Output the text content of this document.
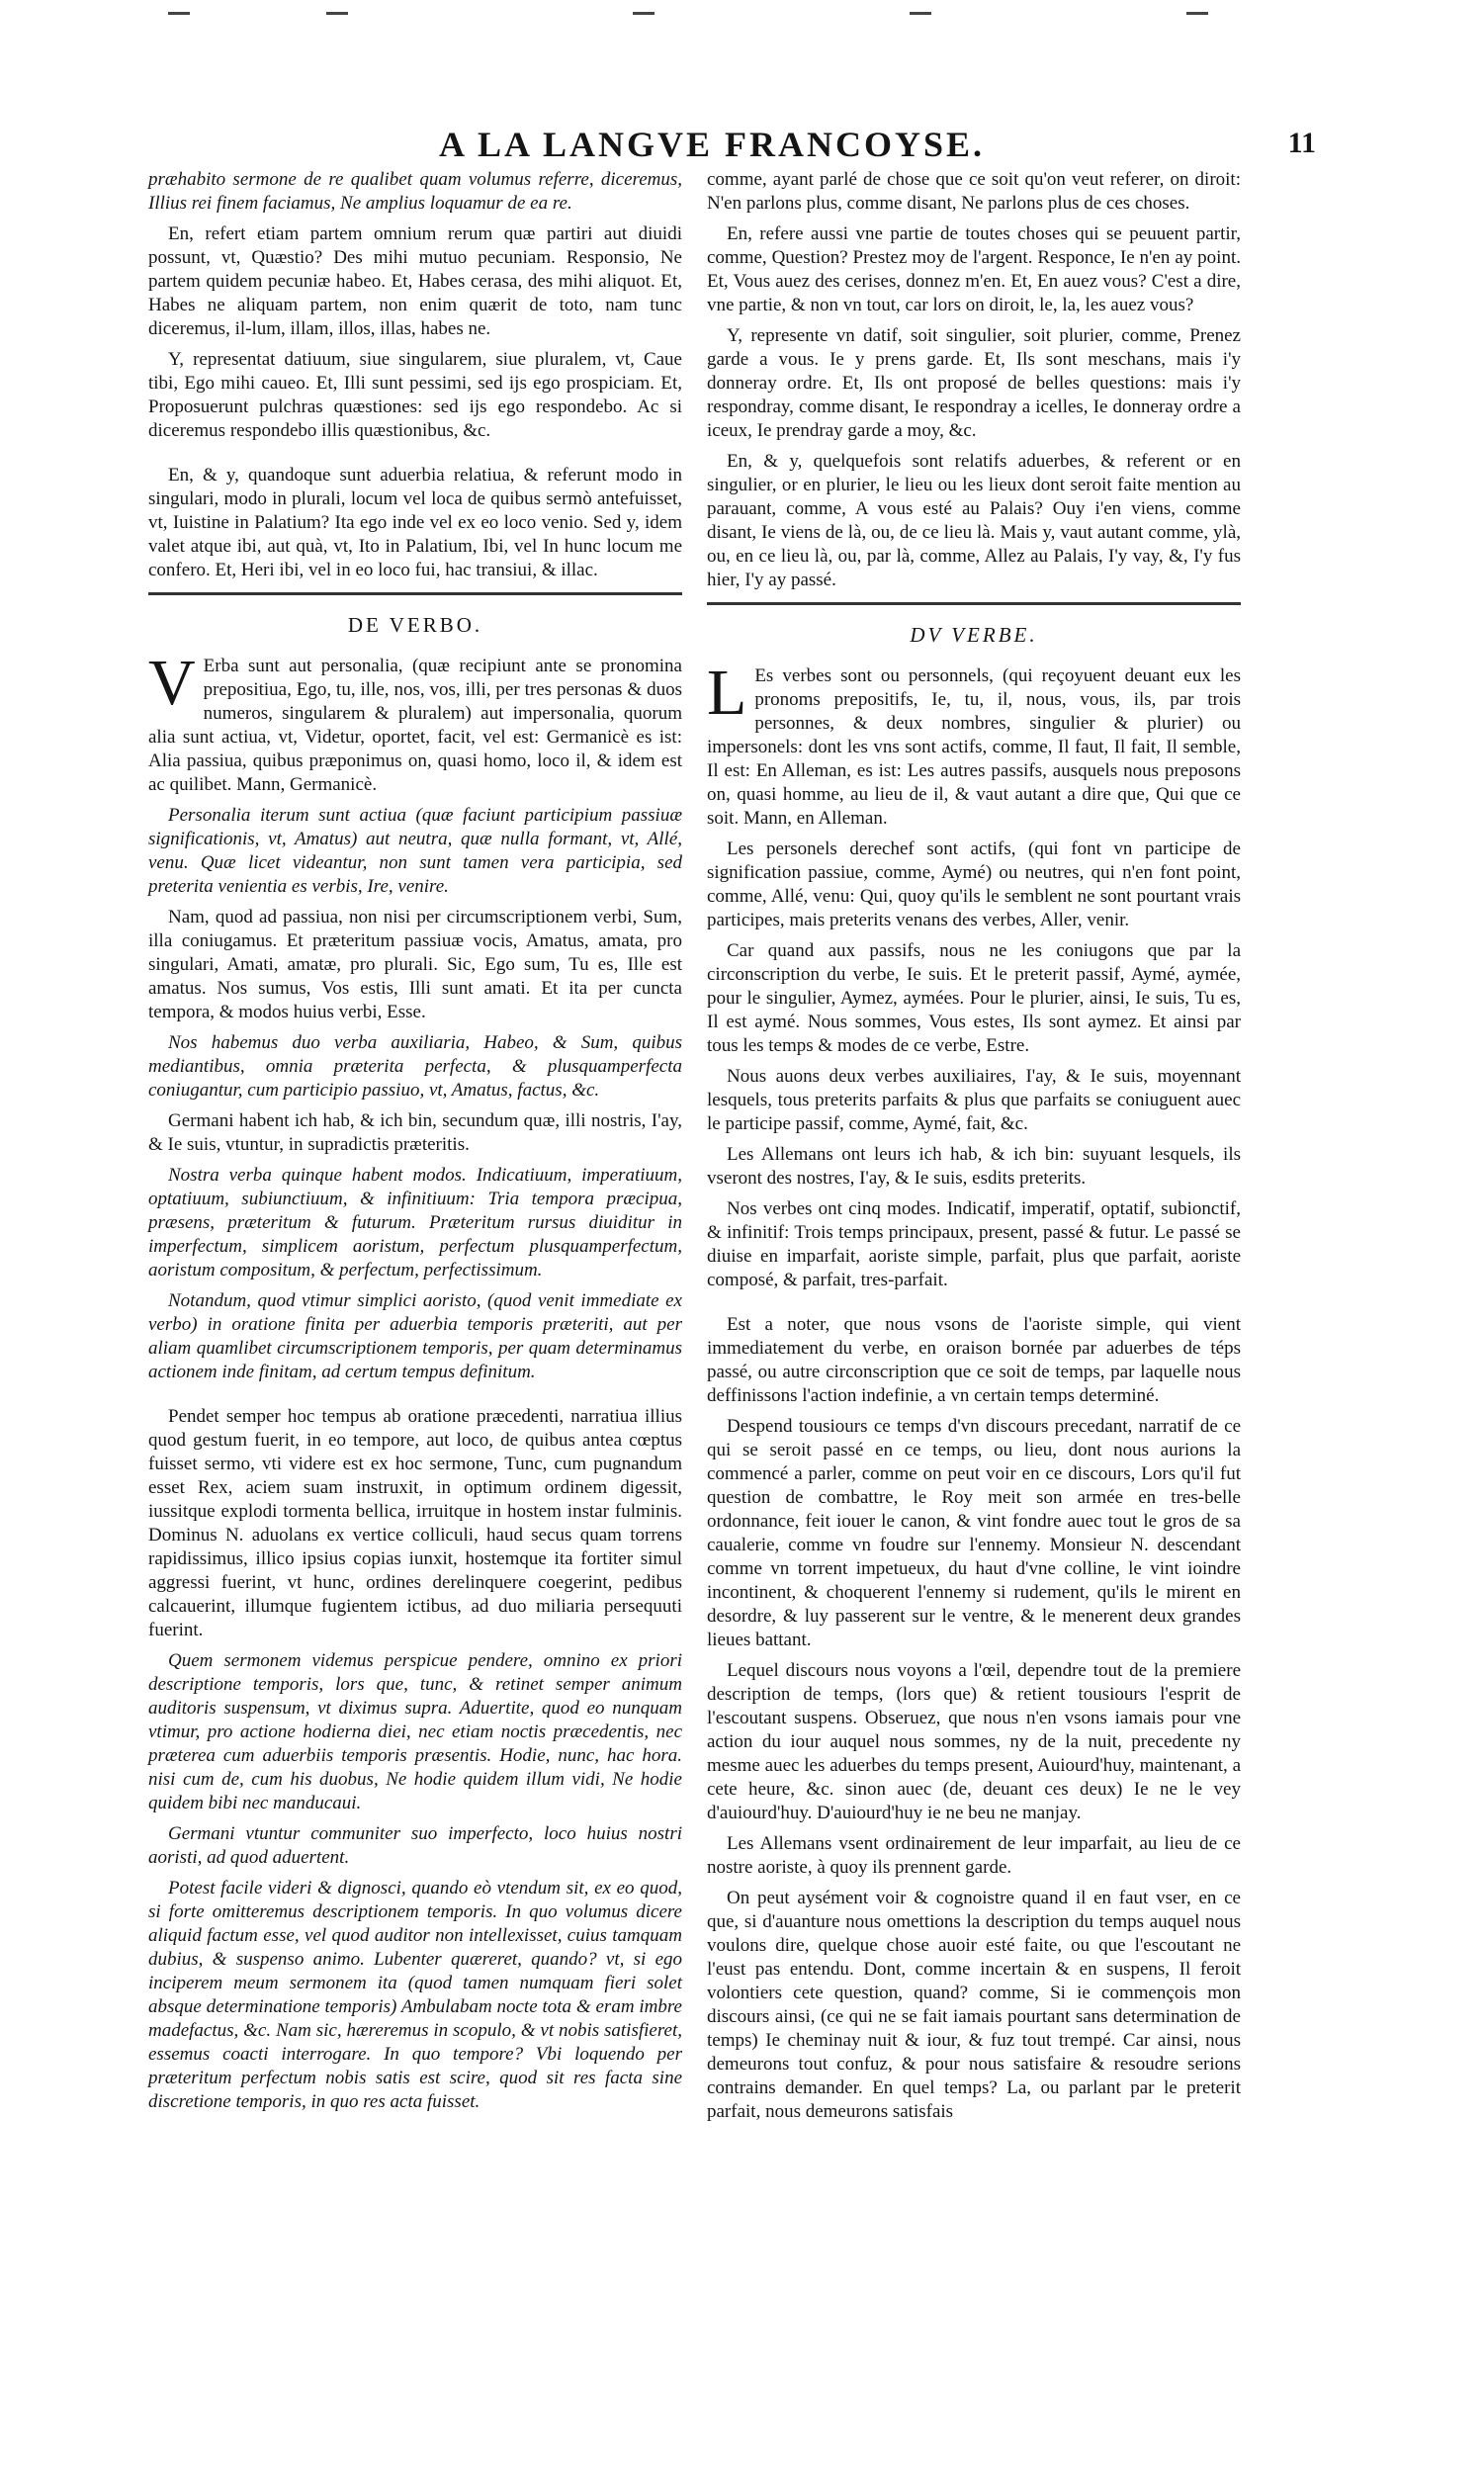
A LA LANGVE FRANCOYSE.	11

præhabito sermone de re qualibet quam volumus referre, diceremus, Illius rei finem faciamus, Ne amplius loquamur de ea re.

En, refert etiam partem omnium rerum quæ partiri aut diuidi possunt, vt, Quæstio? Des mihi mutuo pecuniam. Responsio, Ne partem quidem pecuniæ habeo. Et, Habes cerasa, des mihi aliquot. Et, Habes ne aliquam partem, non enim quærit de toto, nam tunc diceremus, il-lum, illam, illos, illas, habes ne.

Y, representat datiuum, siue singularem, siue pluralem, vt, Caue tibi, Ego mihi caueo. Et, Illi sunt pessimi, sed ijs ego prospiciam. Et, Proposuerunt pulchras quæstiones: sed ijs ego respondebo. Ac si diceremus respondebo illis quæstionibus, &c.

En, & y, quandoque sunt aduerbia relatiua, & referunt modo in singulari, modo in plurali, locum vel loca de quibus sermò antefuisset, vt, Iuistine in Palatium? Ita ego inde vel ex eo loco venio. Sed y, idem valet atque ibi, aut quà, vt, Ito in Palatium, Ibi, vel In hunc locum me confero. Et, Heri ibi, vel in eo loco fui, hac transiui, & illac.

DE VERBO.

V Erba sunt aut personalia, (quæ recipiunt ante se pronomina prepositiua, Ego, tu, ille, nos, vos, illi, per tres personas & duos numeros, singularem & pluralem) aut impersonalia, quorum alia sunt actiua, vt, Videtur, oportet, facit, vel est: Germanicè es ist: Alia passiua, quibus præponimus on, quasi homo, loco il, & idem est ac quilibet. Mann, Germanicè.

Personalia iterum sunt actiua (quæ faciunt participium passiuæ significationis, vt, Amatus) aut neutra, quæ nulla formant, vt, Allé, venu. Quæ licet videantur, non sunt tamen vera participia, sed preterita venientia es verbis, Ire, venire.

Nam, quod ad passiua, non nisi per circumscriptionem verbi, Sum, illa coniugamus. Et præteritum passiuæ vocis, Amatus, amata, pro singulari, Amati, amatæ, pro plurali. Sic, Ego sum, Tu es, Ille est amatus. Nos sumus, Vos estis, Illi sunt amati. Et ita per cuncta tempora, & modos huius verbi, Esse.

Nos habemus duo verba auxiliaria, Habeo, & Sum, quibus mediantibus, omnia præterita perfecta, & plusquamperfecta coniugantur, cum participio passiuo, vt, Amatus, factus, &c.

Germani habent ich hab, & ich bin, secundum quæ, illi nostris, I'ay, & Ie suis, vtuntur, in supradictis præteritis.

Nostra verba quinque habent modos. Indicatiuum, imperatiuum, optatiuum, subiunctiuum, & infinitiuum: Tria tempora præcipua, præsens, præteritum & futurum. Præteritum rursus diuiditur in imperfectum, simplicem aoristum, perfectum plusquamperfectum, aoristum compositum, & perfectum, perfectissimum.

Notandum, quod vtimur simplici aoristo, (quod venit immediate ex verbo) in oratione finita per aduerbia temporis præteriti, aut per aliam quamlibet circumscriptionem temporis, per quam determinamus actionem inde finitam, ad certum tempus definitum.

Pendet semper hoc tempus ab oratione præcedenti, narratiua illius quod gestum fuerit, in eo tempore, aut loco, de quibus antea cœptus fuisset sermo, vti videre est ex hoc sermone, Tunc, cum pugnandum esset Rex, aciem suam instruxit, in optimum ordinem digessit, iussitque explodi tormenta bellica, irruitque in hostem instar fulminis. Dominus N. aduolans ex vertice colliculi, haud secus quam torrens rapidissimus, illico ipsius copias iunxit, hostemque ita fortiter simul aggressi fuerint, vt hunc, ordines derelinquere coegerint, pedibus calcauerint, illumque fugientem ictibus, ad duo miliaria persequuti fuerint.

Quem sermonem videmus perspicue pendere, omnino ex priori descriptione temporis, lors que, tunc, & retinet semper animum auditoris suspensum, vt diximus supra. Aduertite, quod eo nunquam vtimur, pro actione hodierna diei, nec etiam noctis præcedentis, nec præterea cum aduerbiis temporis præsentis. Hodie, nunc, hac hora. nisi cum de, cum his duobus, Ne hodie quidem illum vidi, Ne hodie quidem bibi nec manducaui.

Germani vtuntur communiter suo imperfecto, loco huius nostri aoristi, ad quod aduertent.

Potest facile videri & dignosci, quando eò vtendum sit, ex eo quod, si forte omitteremus descriptionem temporis. In quo volumus dicere aliquid factum esse, vel quod auditor non intellexisset, cuius tamquam dubius, & suspenso animo. Lubenter quæreret, quando? vt, si ego inciperem meum sermonem ita (quod tamen numquam fieri solet absque determinatione temporis) Ambulabam nocte tota & eram imbre madefactus, &c. Nam sic, hæreremus in scopulo, & vt nobis satisfieret, essemus coacti interrogare. In quo tempore? Vbi loquendo per præteritum perfectum nobis satis est scire, quod sit res facta sine discretione temporis, in quo res acta fuisset.

comme, ayant parlé de chose que ce soit qu'on veut referer, on diroit: N'en parlons plus, comme disant, Ne parlons plus de ces choses.

En, refere aussi vne partie de toutes choses qui se peuuent partir, comme, Question? Prestez moy de l'argent. Responce, Ie n'en ay point. Et, Vous auez des cerises, donnez m'en. Et, En auez vous? C'est a dire, vne partie, & non vn tout, car lors on diroit, le, la, les auez vous?

Y, represente vn datif, soit singulier, soit plurier, comme, Prenez garde a vous. Ie y prens garde. Et, Ils sont meschans, mais i'y donneray ordre. Et, Ils ont proposé de belles questions: mais i'y respondray, comme disant, Ie respondray a icelles, Ie donneray ordre a iceux, Ie prendray garde a moy, &c.

En, & y, quelquefois sont relatifs aduerbes, & referent or en singulier, or en plurier, le lieu ou les lieux dont seroit faite mention au parauant, comme, A vous esté au Palais? Ouy i'en viens, comme disant, Ie viens de là, ou, de ce lieu là. Mais y, vaut autant comme, ylà, ou, en ce lieu là, ou, par là, comme, Allez au Palais, I'y vay, &, I'y fus hier, I'y ay passé.

DV VERBE.

L Es verbes sont ou personnels, (qui reçoyuent deuant eux les pronoms prepositifs, Ie, tu, il, nous, vous, ils, par trois personnes, & deux nombres, singulier & plurier) ou impersonels: dont les vns sont actifs, comme, Il faut, Il fait, Il semble, Il est: En Alleman, es ist: Les autres passifs, ausquels nous preposons on, quasi homme, au lieu de il, & vaut autant a dire que, Qui que ce soit. Mann, en Alleman.

Les personels derechef sont actifs, (qui font vn participe de signification passiue, comme, Aymé) ou neutres, qui n'en font point, comme, Allé, venu: Qui, quoy qu'ils le semblent ne sont pourtant vrais participes, mais preterits venans des verbes, Aller, venir.

Car quand aux passifs, nous ne les coniugons que par la circonscription du verbe, Ie suis. Et le preterit passif, Aymé, aymée, pour le singulier, Aymez, aymées. Pour le plurier, ainsi, Ie suis, Tu es, Il est aymé. Nous sommes, Vous estes, Ils sont aymez. Et ainsi par tous les temps & modes de ce verbe, Estre.

Nous auons deux verbes auxiliaires, I'ay, & Ie suis, moyennant lesquels, tous preterits parfaits & plus que parfaits se coniuguent auec le participe passif, comme, Aymé, fait, &c.

Les Allemans ont leurs ich hab, & ich bin: suyuant lesquels, ils vseront des nostres, I'ay, & Ie suis, esdits preterits.

Nos verbes ont cinq modes. Indicatif, imperatif, optatif, subionctif, & infinitif: Trois temps principaux, present, passé & futur. Le passé se diuise en imparfait, aoriste simple, parfait, plus que parfait, aoriste composé, & parfait, tres-parfait.

Est a noter, que nous vsons de l'aoriste simple, qui vient immediatement du verbe, en oraison bornée par aduerbes de téps passé, ou autre circonscription que ce soit de temps, par laquelle nous deffinissons l'action indefinie, a vn certain temps determiné.

Despend tousiours ce temps d'vn discours precedant, narratif de ce qui se seroit passé en ce temps, ou lieu, dont nous aurions la commencé a parler, comme on peut voir en ce discours, Lors qu'il fut question de combattre, le Roy meit son armée en tres-belle ordonnance, feit iouer le canon, & vint fondre auec tout le gros de sa caualerie, comme vn foudre sur l'ennemy. Monsieur N. descendant comme vn torrent impetueux, du haut d'vne colline, le vint ioindre incontinent, & choquerent l'ennemy si rudement, qu'ils le mirent en desordre, & luy passerent sur le ventre, & le menerent deux grandes lieues battant.

Lequel discours nous voyons a l'œil, dependre tout de la premiere description de temps, (lors que) & retient tousiours l'esprit de l'escoutant suspens. Obseruez, que nous n'en vsons iamais pour vne action du iour auquel nous sommes, ny de la nuit, precedente ny mesme auec les aduerbes du temps present, Auiourd'huy, maintenant, a cete heure, &c. sinon auec (de, deuant ces deux) Ie ne le vey d'auiourd'huy. D'auiourd'huy ie ne beu ne manjay.

Les Allemans vsent ordinairement de leur imparfait, au lieu de ce nostre aoriste, à quoy ils prennent garde.

On peut aysément voir & cognoistre quand il en faut vser, en ce que, si d'auanture nous omettions la description du temps auquel nous voulons dire, quelque chose auoir esté faite, ou que l'escoutant ne l'eust pas entendu. Dont, comme incertain & en suspens, Il feroit volontiers cete question, quand? comme, Si ie commençois mon discours ainsi, (ce qui ne se fait iamais pourtant sans determination de temps) Ie cheminay nuit & iour, & fuz tout trempé. Car ainsi, nous demeurons tout confuz, & pour nous satisfaire & resoudre serions contrains demander. En quel temps? La, ou parlant par le preterit parfait, nous demeurons satisfais
